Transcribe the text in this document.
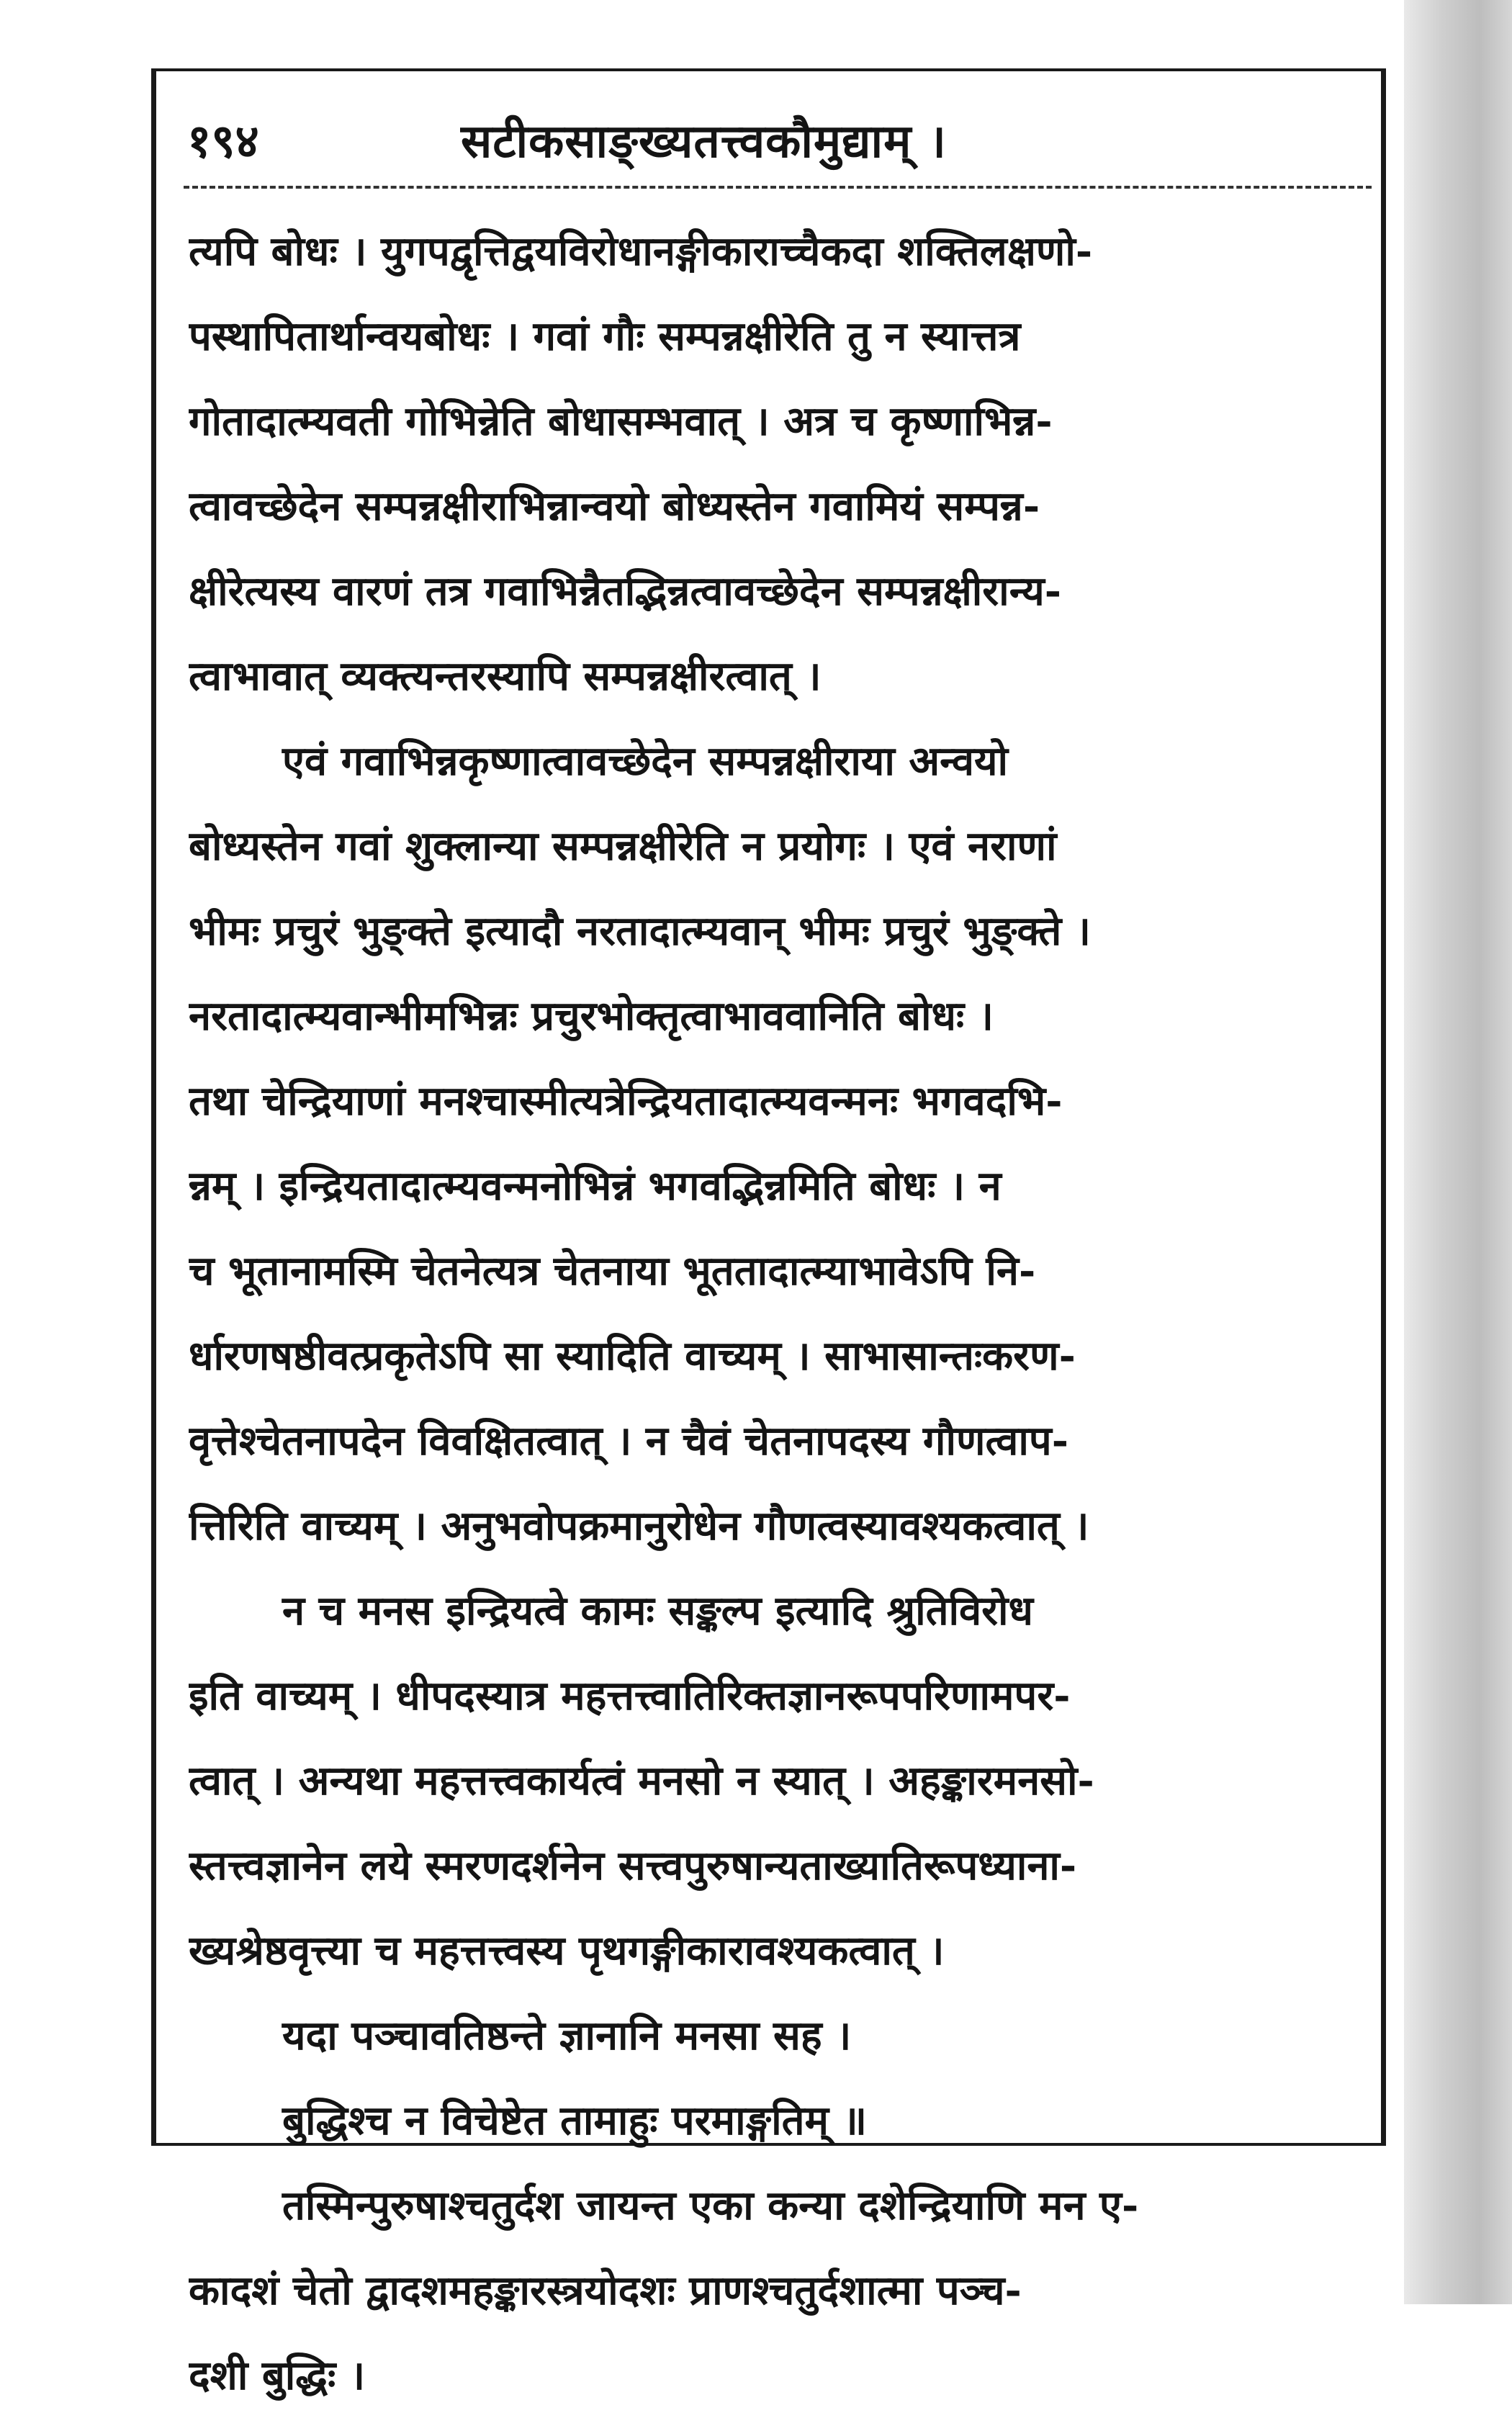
१९४	सटीकसाङ्ख्यतत्त्वकौमुद्याम् ।
त्यपि बोधः । युगपद्वृत्तिद्वयविरोधानङ्गीकाराच्चैकदा शक्तिलक्षणो-
पस्थापितार्थान्वयबोधः । गवां गौः सम्पन्नक्षीरेति तु न स्यात्तत्र
गोतादात्म्यवती गोभिन्नेति बोधासम्भवात् । अत्र च कृष्णाभिन्न-
त्वावच्छेदेन सम्पन्नक्षीराभिन्नान्वयो बोध्यस्तेन गवामियं सम्पन्न-
क्षीरेत्यस्य वारणं तत्र गवाभिन्नैतद्भिन्नत्वावच्छेदेन सम्पन्नक्षीरान्य-
त्वाभावात् व्यक्त्यन्तरस्यापि सम्पन्नक्षीरत्वात् ।
एवं गवाभिन्नकृष्णात्वावच्छेदेन सम्पन्नक्षीराया अन्वयो
बोध्यस्तेन गवां शुक्लान्या सम्पन्नक्षीरेति न प्रयोगः । एवं नराणां
भीमः प्रचुरं भुङ्क्ते इत्यादौ नरतादात्म्यवान् भीमः प्रचुरं भुङ्क्ते ।
नरतादात्म्यवान्भीमभिन्नः प्रचुरभोक्तृत्वाभाववानिति बोधः ।
तथा चेन्द्रियाणां मनश्चास्मीत्यत्रेन्द्रियतादात्म्यवन्मनः भगवदभि-
न्नम् । इन्द्रियतादात्म्यवन्मनोभिन्नं भगवद्भिन्नमिति बोधः । न
च भूतानामस्मि चेतनेत्यत्र चेतनाया भूततादात्म्याभावेऽपि नि-
र्धारणषष्ठीवत्प्रकृतेऽपि सा स्यादिति वाच्यम् । साभासान्तःकरण-
वृत्तेश्चेतनापदेन विवक्षितत्वात् । न चैवं चेतनापदस्य गौणत्वाप-
त्तिरिति वाच्यम् । अनुभवोपक्रमानुरोधेन गौणत्वस्यावश्यकत्वात् ।
न च मनस इन्द्रियत्वे कामः सङ्कल्प इत्यादि श्रुतिविरोध
इति वाच्यम् । धीपदस्यात्र महत्तत्त्वातिरिक्तज्ञानरूपपरिणामपर-
त्वात् । अन्यथा महत्तत्त्वकार्यत्वं मनसो न स्यात् । अहङ्कारमनसो-
स्तत्त्वज्ञानेन लये स्मरणदर्शनेन सत्त्वपुरुषान्यताख्यातिरूपध्याना-
ख्यश्रेष्ठवृत्त्या च महत्तत्त्वस्य पृथगङ्गीकारावश्यकत्वात् ।
यदा पञ्चावतिष्ठन्ते ज्ञानानि मनसा सह ।
बुद्धिश्च न विचेष्टेत तामाहुः परमाङ्गतिम् ॥
तस्मिन्पुरुषाश्चतुर्दश जायन्त एका कन्या दशेन्द्रियाणि मन ए-
कादशं चेतो द्वादशमहङ्कारस्त्रयोदशः प्राणश्चतुर्दशात्मा पञ्च-
दशी बुद्धिः ।
